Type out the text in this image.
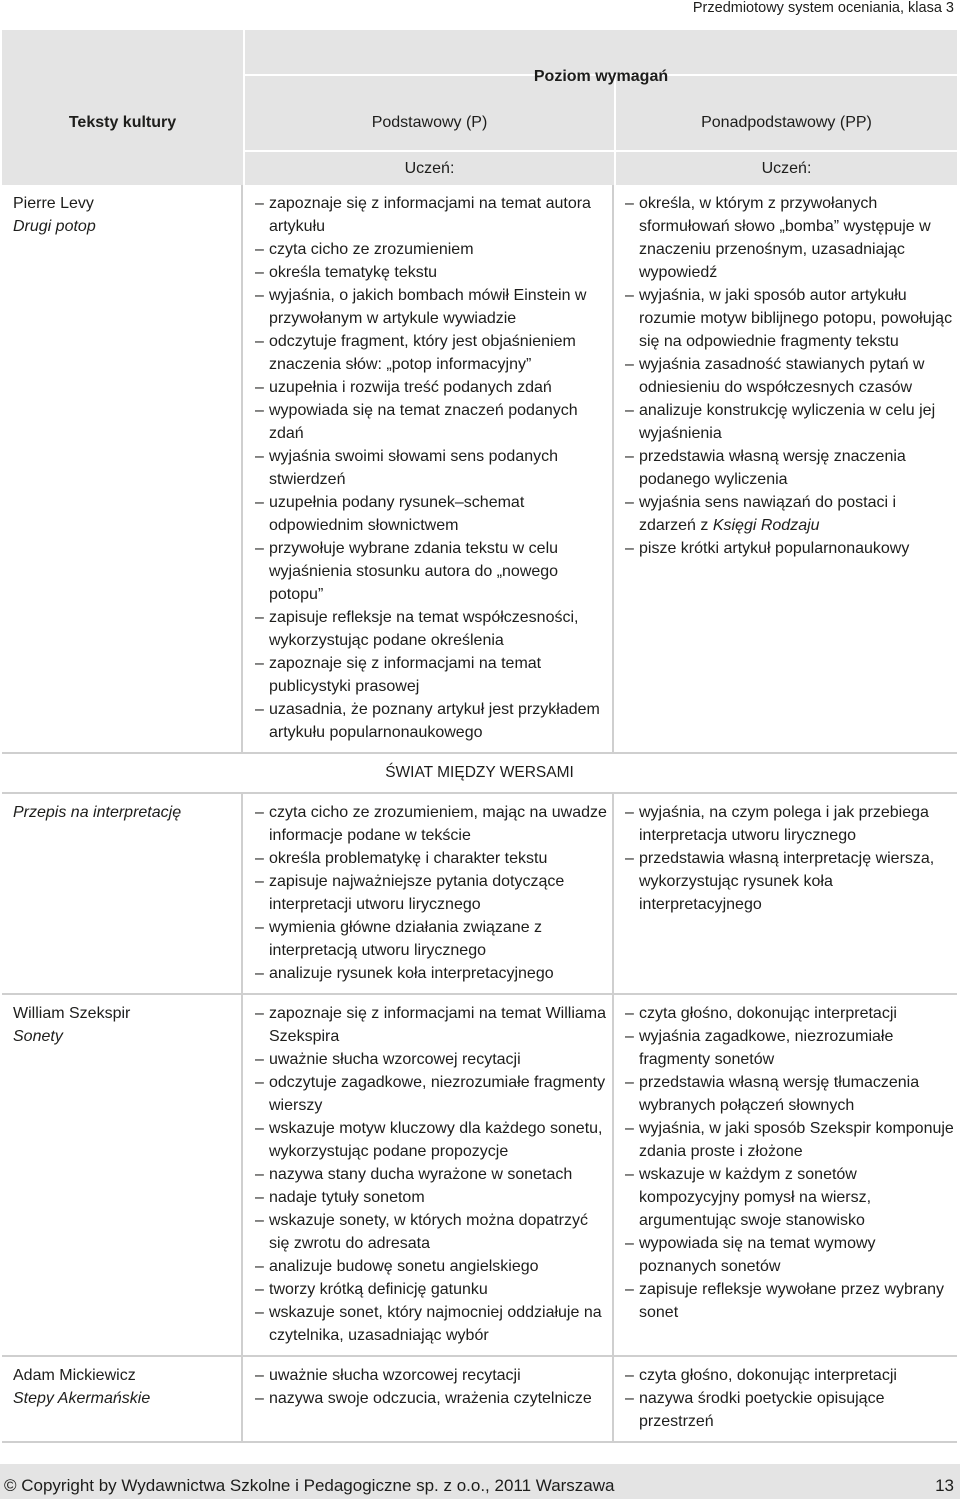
Przedmiotowy system oceniania, klasa 3
Teksty kultury
Poziom wymagań
Podstawowy (P)	Ponadpodstawowy (PP)
Uczeń:	Uczeń:
Pierre Levy
Drugi potop
– zapoznaje się z informacjami na temat autora artykułu
– czyta cicho ze zrozumieniem
– określa tematykę tekstu
– wyjaśnia, o jakich bombach mówił Einstein w przywołanym w artykule wywiadzie
– odczytuje fragment, który jest objaśnieniem znaczenia słów: „potop informacyjny”
– uzupełnia i rozwija treść podanych zdań
– wypowiada się na temat znaczeń podanych zdań
– wyjaśnia swoimi słowami sens podanych stwierdzeń
– uzupełnia podany rysunek–schemat odpowiednim słownictwem
– przywołuje wybrane zdania tekstu w celu wyjaśnienia stosunku autora do „nowego potopu”
– zapisuje refleksje na temat współczesności, wykorzystując podane określenia
– zapoznaje się z informacjami na temat publicystyki prasowej
– uzasadnia, że poznany artykuł jest przykładem artykułu popularnonaukowego
– określa, w którym z przywołanych sformułowań słowo „bomba” występuje w znaczeniu przenośnym, uzasadniając wypowiedź
– wyjaśnia, w jaki sposób autor artykułu rozumie motyw biblijnego potopu, powołując się na odpowiednie fragmenty tekstu
– wyjaśnia zasadność stawianych pytań w odniesieniu do współczesnych czasów
– analizuje konstrukcję wyliczenia w celu jej wyjaśnienia
– przedstawia własną wersję znaczenia podanego wyliczenia
– wyjaśnia sens nawiązań do postaci i zdarzeń z Księgi Rodzaju
– pisze krótki artykuł popularnonaukowy
ŚWIAT MIĘDZY WERSAMI
Przepis na interpretację
–	czyta cicho ze zrozumieniem, mając na uwadze informacje podane w tekście
– określa problematykę i charakter tekstu
– zapisuje najważniejsze pytania dotyczące interpretacji utworu lirycznego
– wymienia główne działania związane z interpretacją utworu lirycznego
– analizuje rysunek koła interpretacyjnego
– wyjaśnia, na czym polega i jak przebiega interpretacja utworu lirycznego
– przedstawia własną interpretację wiersza, wykorzystując rysunek koła interpretacyjnego
William Szekspir
Sonety
– zapoznaje się z informacjami na temat Williama Szekspira
– uważnie słucha wzorcowej recytacji
– odczytuje zagadkowe, niezrozumiałe fragmenty wierszy
– wskazuje motyw kluczowy dla każdego sonetu, wykorzystując podane propozycje
– nazywa stany ducha wyrażone w sonetach
– nadaje tytuły sonetom
– wskazuje sonety, w których można dopatrzyć się zwrotu do adresata
– analizuje budowę sonetu angielskiego
– tworzy krótką definicję gatunku
– wskazuje sonet, który najmocniej oddziałuje na czytelnika, uzasadniając wybór
– czyta głośno, dokonując interpretacji
– wyjaśnia zagadkowe, niezrozumiałe fragmenty sonetów
– przedstawia własną wersję tłumaczenia wybranych połączeń słownych
– wyjaśnia, w jaki sposób Szekspir komponuje zdania proste i złożone
– wskazuje w każdym z sonetów kompozycyjny pomysł na wiersz, argumentując swoje stanowisko
– wypowiada się na temat wymowy poznanych sonetów
– zapisuje refleksje wywołane przez wybrany sonet
Adam Mickiewicz
Stepy Akermańskie
– uważnie słucha wzorcowej recytacji
– nazywa swoje odczucia, wrażenia czytelnicze
– czyta głośno, dokonując interpretacji
– nazywa środki poetyckie opisujące przestrzeń
© Copyright by Wydawnictwa Szkolne i Pedagogiczne sp. z o.o., 2011 Warszawa	13
